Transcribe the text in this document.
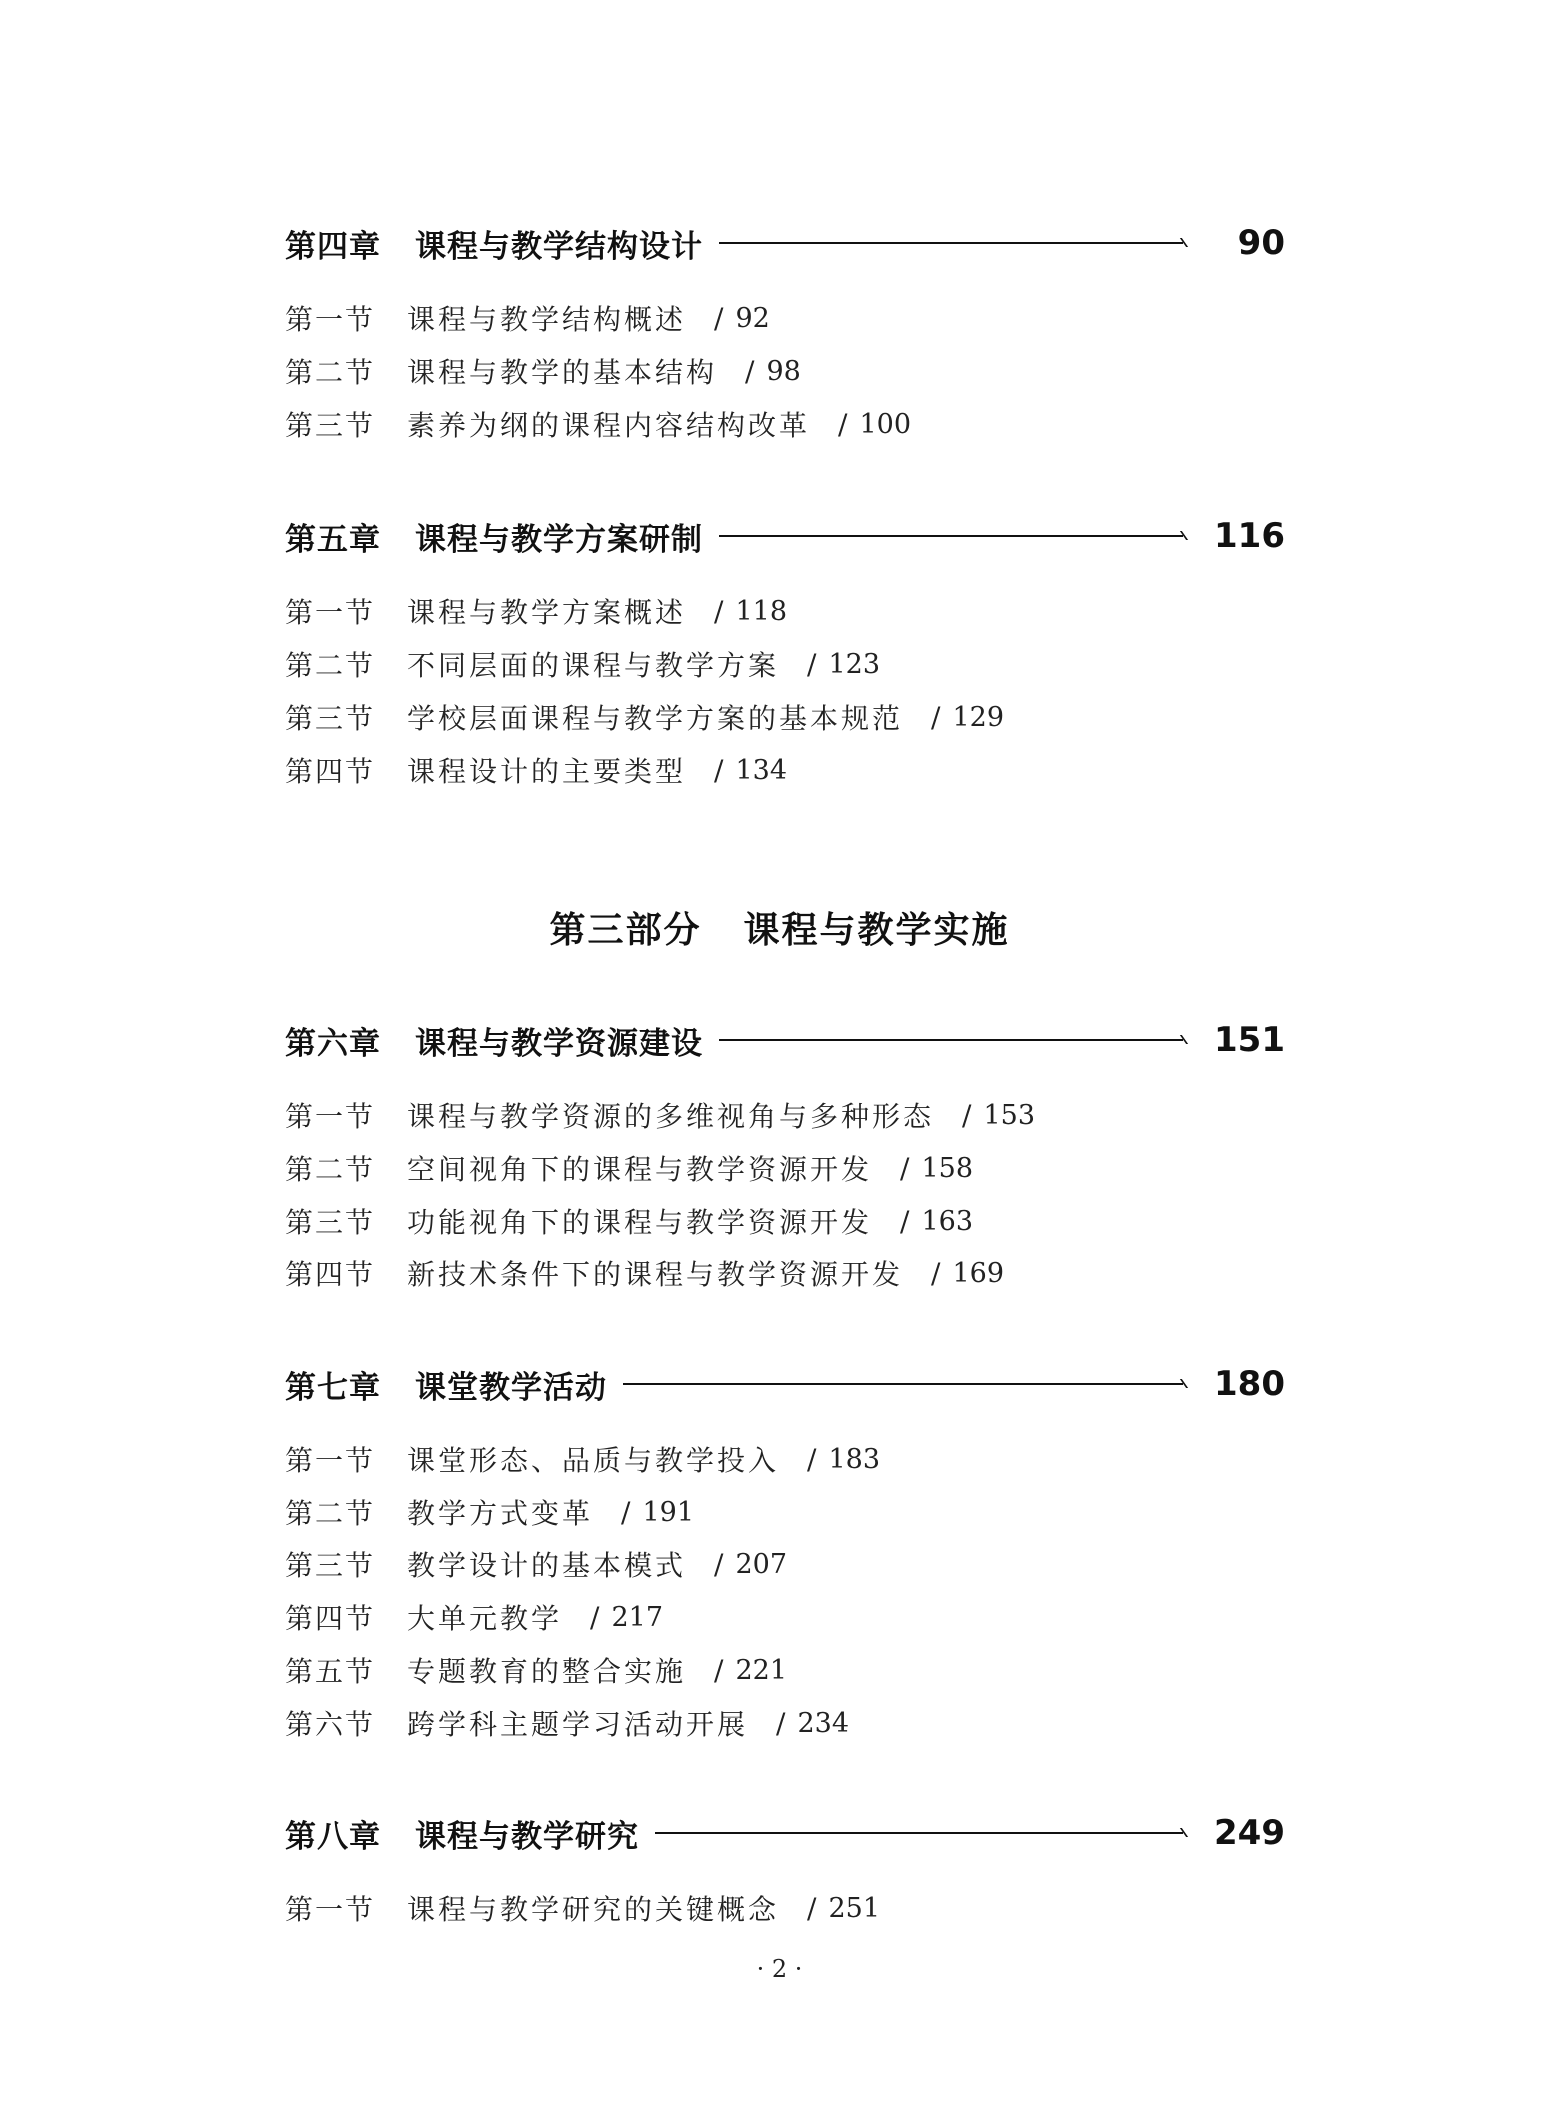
第四章 课程与教学结构设计	90
第一节 课程与教学结构概述 / 92
第二节 课程与教学的基本结构 / 98
第三节 素养为纲的课程内容结构改革 / 100
第五章 课程与教学方案研制	116
第一节 课程与教学方案概述 / 118
第二节 不同层面的课程与教学方案 / 123
第三节 学校层面课程与教学方案的基本规范 / 129
第四节 课程设计的主要类型 / 134
第三部分 课程与教学实施
第六章 课程与教学资源建设	151
第一节 课程与教学资源的多维视角与多种形态 / 153
第二节 空间视角下的课程与教学资源开发 / 158
第三节 功能视角下的课程与教学资源开发 / 163
第四节 新技术条件下的课程与教学资源开发 / 169
第七章 课堂教学活动	180
第一节 课堂形态、品质与教学投入 / 183
第二节 教学方式变革 / 191
第三节 教学设计的基本模式 / 207
第四节 大单元教学 / 217
第五节 专题教育的整合实施 / 221
第六节 跨学科主题学习活动开展 / 234
第八章 课程与教学研究	249
第一节 课程与教学研究的关键概念 / 251
· 2 ·
